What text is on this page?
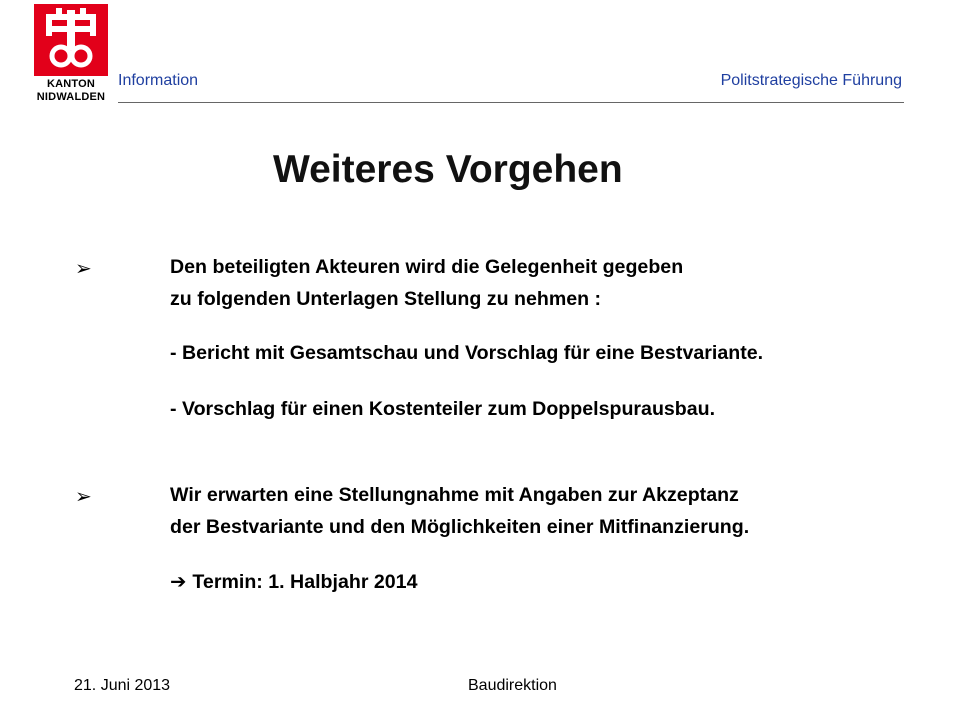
KANTON
NIDWALDEN
Information	Politstrategische Führung
Weiteres Vorgehen
➢	Den beteiligten Akteuren wird die Gelegenheit gegeben
zu folgenden Unterlagen Stellung zu nehmen :
- Bericht mit Gesamtschau und Vorschlag für eine Bestvariante.
- Vorschlag für einen Kostenteiler zum Doppelspurausbau.
➢	Wir erwarten eine Stellungnahme mit Angaben zur Akzeptanz
der Bestvariante und den Möglichkeiten einer Mitfinanzierung.
➔ Termin: 1. Halbjahr 2014
21. Juni 2013	Baudirektion
